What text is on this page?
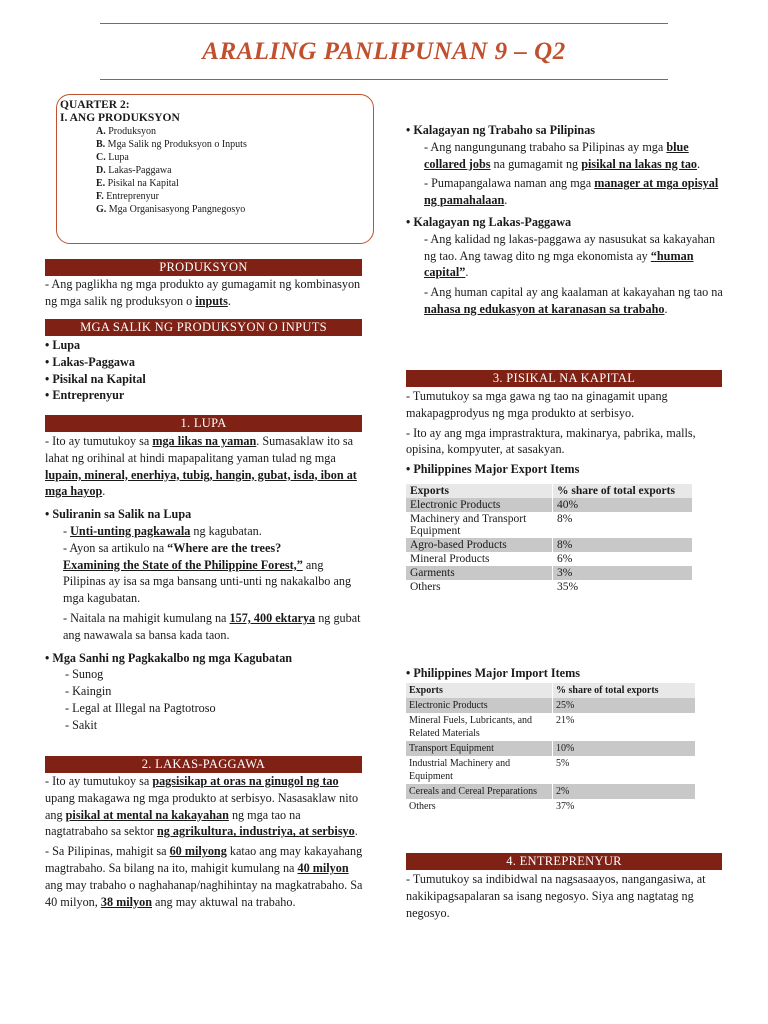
ARALING PANLIPUNAN 9 – Q2
QUARTER 2:
I. ANG PRODUKSYON
A. Produksyon
B. Mga Salik ng Produksyon o Inputs
C. Lupa
D. Lakas-Paggawa
E. Pisikal na Kapital
F. Entreprenyur
G. Mga Organisasyong Pangnegosyo
PRODUKSYON

- Ang paglikha ng mga produkto ay gumagamit ng kombinasyon ng mga salik ng produksyon o inputs.

MGA SALIK NG PRODUKSYON O INPUTS

• Lupa

• Lakas-Paggawa

• Pisikal na Kapital

• Entreprenyur

1. LUPA

- Ito ay tumutukoy sa mga likas na yaman. Sumasaklaw ito sa lahat ng orihinal at hindi mapapalitang yaman tulad ng mga lupain, mineral, enerhiya, tubig, hangin, gubat, isda, ibon at mga hayop.

• Suliranin sa Salik na Lupa

- Unti-unting pagkawala ng kagubatan.

- Ayon sa artikulo na “Where are the trees?
Examining the State of the Philippine Forest,” ang Pilipinas ay isa sa mga bansang unti-unti ng nakakalbo ang mga kagubatan.

- Naitala na mahigit kumulang na 157, 400 ektarya ng gubat ang nawawala sa bansa kada taon.

• Mga Sanhi ng Pagkakalbo ng mga Kagubatan

- Sunog

- Kaingin

- Legal at Illegal na Pagtotroso

- Sakit

2. LAKAS-PAGGAWA

- Ito ay tumutukoy sa pagsisikap at oras na ginugol ng tao upang makagawa ng mga produkto at serbisyo. Nasasaklaw nito ang pisikal at mental na kakayahan ng mga tao na nagtatrabaho sa sektor ng agrikultura, industriya, at serbisyo.

- Sa Pilipinas, mahigit sa 60 milyong katao ang may kakayahang magtrabaho. Sa bilang na ito, mahigit kumulang na 40 milyon ang may trabaho o naghahanap/naghihintay na magkatrabaho. Sa 40 milyon, 38 milyon ang may aktuwal na trabaho.

• Kalagayan ng Trabaho sa Pilipinas

- Ang nangungunang trabaho sa Pilipinas ay mga blue collared jobs na gumagamit ng pisikal na lakas ng tao.

- Pumapangalawa naman ang mga manager at mga opisyal ng pamahalaan.

• Kalagayan ng Lakas-Paggawa

- Ang kalidad ng lakas-paggawa ay nasusukat sa kakayahan ng tao. Ang tawag dito ng mga ekonomista ay “human capital”.

- Ang human capital ay ang kaalaman at kakayahan ng tao na nahasa ng edukasyon at karanasan sa trabaho.

3. PISIKAL NA KAPITAL

- Tumutukoy sa mga gawa ng tao na ginagamit upang makapagprodyus ng mga produkto at serbisyo.

- Ito ay ang mga imprastraktura, makinarya, pabrika, malls, opisina, kompyuter, at sasakyan.

• Philippines Major Export Items

Exports	% share of total exports
Electronic Products	40%
Machinery and Transport Equipment	8%
Agro-based Products	8%
Mineral Products	6%
Garments	3%
Others	35%
• Philippines Major Import Items
Exports	% share of total exports
Electronic Products	25%
Mineral Fuels, Lubricants, and Related Materials	21%
Transport Equipment	10%
Industrial Machinery and Equipment	5%
Cereals and Cereal Preparations	2%
Others	37%
4. ENTREPRENYUR

- Tumutukoy sa indibidwal na nagsasaayos, nangangasiwa, at nakikipagsapalaran sa isang negosyo. Siya ang nagtatag ng negosyo.
